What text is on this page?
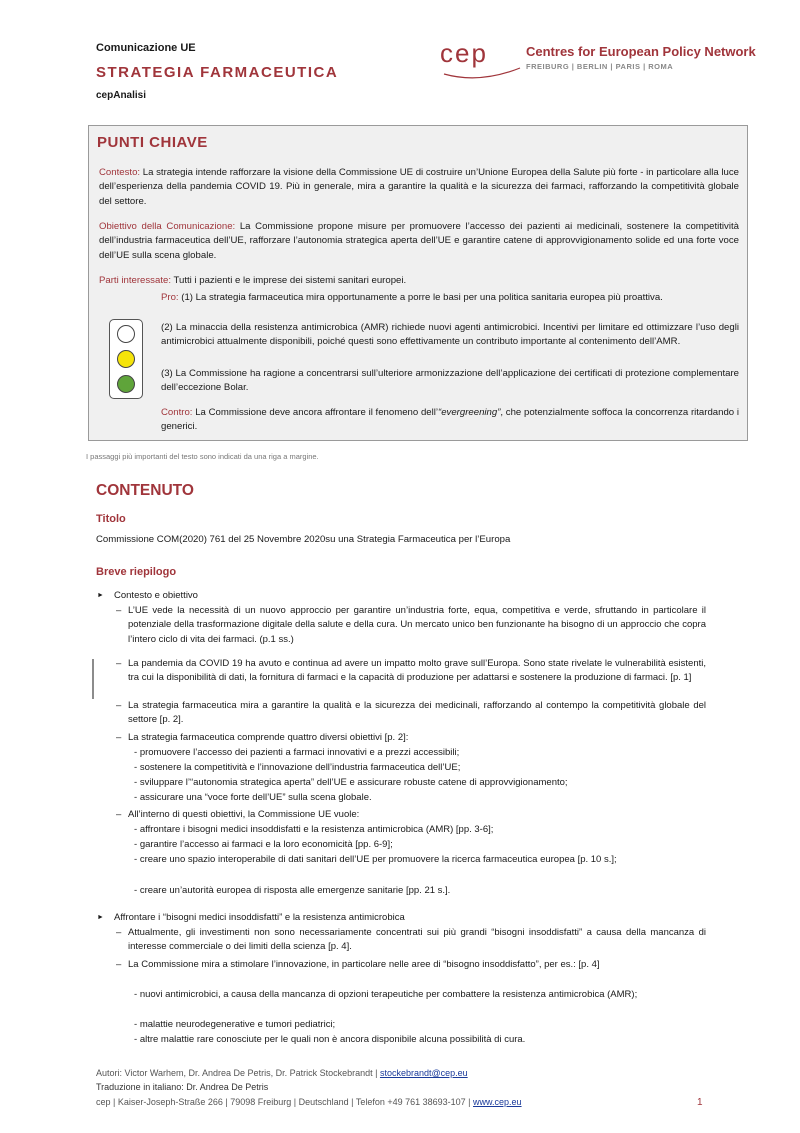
Comunicazione UE
STRATEGIA FARMACEUTICA
cepAnalisi
cep	Centres for European Policy Network
FREIBURG | BERLIN | PARIS | ROMA
PUNTI CHIAVE
Contesto: La strategia intende rafforzare la visione della Commissione UE di costruire un’Unione Europea della Salute più forte - in particolare alla luce dell’esperienza della pandemia COVID 19. Più in generale, mira a garantire la qualità e la sicurezza dei farmaci, rafforzando la competitività globale del settore.
Obiettivo della Comunicazione: La Commissione propone misure per promuovere l’accesso dei pazienti ai medicinali, sostenere la competitività dell’industria farmaceutica dell’UE, rafforzare l’autonomia strategica aperta dell’UE e garantire catene di approvvigionamento solide ed una forte voce dell’UE sulla scena globale.
Parti interessate: Tutti i pazienti e le imprese dei sistemi sanitari europei.
Pro: (1) La strategia farmaceutica mira opportunamente a porre le basi per una politica sanitaria europea più proattiva.
(2) La minaccia della resistenza antimicrobica (AMR) richiede nuovi agenti antimicrobici. Incentivi per limitare ed ottimizzare l’uso degli antimicrobici attualmente disponibili, poiché questi sono effettivamente un contributo importante al contenimento dell’AMR.
(3) La Commissione ha ragione a concentrarsi sull’ulteriore armonizzazione dell’applicazione dei certificati di protezione complementare dell’eccezione Bolar.
Contro: La Commissione deve ancora affrontare il fenomeno dell’“evergreening”, che potenzialmente soffoca la concorrenza ritardando i generici.
I passaggi più importanti del testo sono indicati da una riga a margine.
CONTENUTO
Titolo
Commissione COM(2020) 761 del 25 Novembre 2020su una Strategia Farmaceutica per l’Europa
Breve riepilogo
► Contesto e obiettivo
– L’UE vede la necessità di un nuovo approccio per garantire un’industria forte, equa, competitiva e verde, sfruttando in particolare il potenziale della trasformazione digitale della salute e della cura. Un mercato unico ben funzionante ha bisogno di un approccio che copra l’intero ciclo di vita dei farmaci. (p.1 ss.)
– La pandemia da COVID 19 ha avuto e continua ad avere un impatto molto grave sull’Europa. Sono state rivelate le vulnerabilità esistenti, tra cui la disponibilità di dati, la fornitura di farmaci e la capacità di produzione per adattarsi e sostenere la produzione di farmaci. [p. 1]
– La strategia farmaceutica mira a garantire la qualità e la sicurezza dei medicinali, rafforzando al contempo la competitività globale del settore [p. 2].
– La strategia farmaceutica comprende quattro diversi obiettivi [p. 2]:
- promuovere l’accesso dei pazienti a farmaci innovativi e a prezzi accessibili;
- sostenere la competitività e l’innovazione dell’industria farmaceutica dell’UE;
- sviluppare l’“autonomia strategica aperta” dell’UE e assicurare robuste catene di approvvigionamento;
- assicurare una “voce forte dell’UE” sulla scena globale.
– All’interno di questi obiettivi, la Commissione UE vuole:
- affrontare i bisogni medici insoddisfatti e la resistenza antimicrobica (AMR) [pp. 3-6];
- garantire l’accesso ai farmaci e la loro economicità [pp. 6-9];
- creare uno spazio interoperabile di dati sanitari dell’UE per promuovere la ricerca farmaceutica europea [p. 10 s.];
- creare un’autorità europea di risposta alle emergenze sanitarie [pp. 21 s.].
► Affrontare i “bisogni medici insoddisfatti” e la resistenza antimicrobica
– Attualmente, gli investimenti non sono necessariamente concentrati sui più grandi “bisogni insoddisfatti” a causa della mancanza di interesse commerciale o dei limiti della scienza [p. 4].
– La Commissione mira a stimolare l’innovazione, in particolare nelle aree di “bisogno insoddisfatto”, per es.: [p. 4]
- nuovi antimicrobici, a causa della mancanza di opzioni terapeutiche per combattere la resistenza antimicrobica (AMR);
- malattie neurodegenerative e tumori pediatrici;
- altre malattie rare conosciute per le quali non è ancora disponibile alcuna possibilità di cura.
Autori: Victor Warhem, Dr. Andrea De Petris, Dr. Patrick Stockebrandt | stockebrandt@cep.eu
Traduzione in italiano: Dr. Andrea De Petris
cep | Kaiser-Joseph-Straße 266 | 79098 Freiburg | Deutschland | Telefon +49 761 38693-107 | www.cep.eu	1
